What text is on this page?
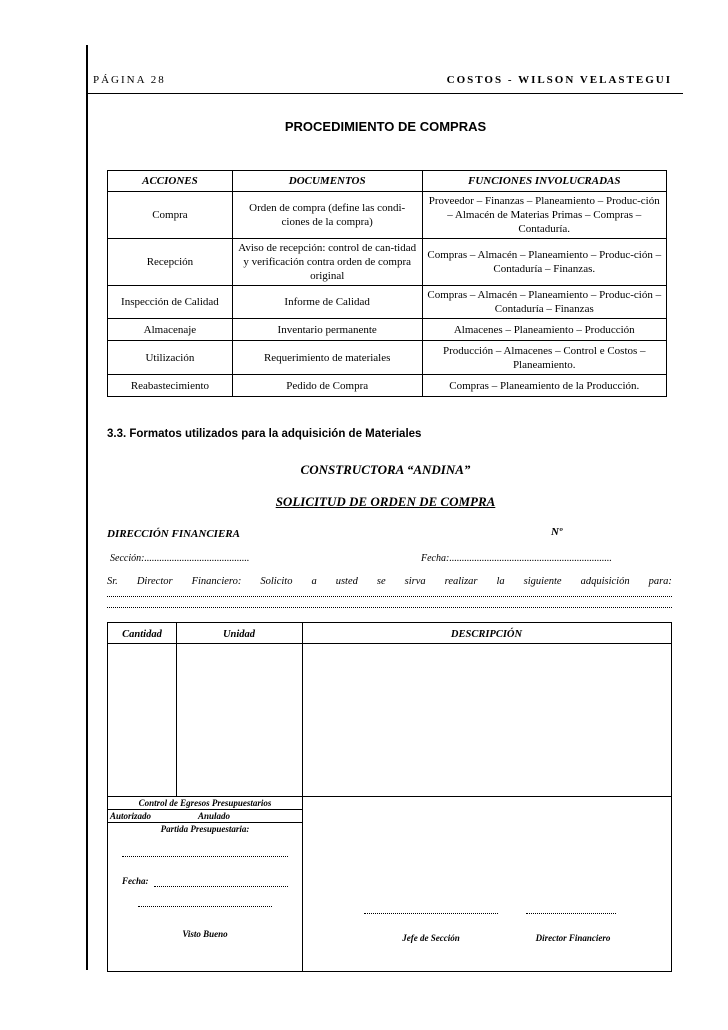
PÁGINA 28	COSTOS - WILSON VELASTEGUI
PROCEDIMIENTO DE COMPRAS
ACCIONES	DOCUMENTOS	FUNCIONES INVOLUCRADAS
Compra	Orden de compra (define las condi-ciones de la compra)	Proveedor – Finanzas – Planeamiento – Produc-ción – Almacén de Materias Primas – Compras – Contaduría.
Recepción	Aviso de recepción: control de can-tidad y verificación contra orden de compra original	Compras – Almacén – Planeamiento – Produc-ción – Contaduría – Finanzas.
Inspección de Calidad	Informe de Calidad	Compras – Almacén – Planeamiento – Produc-ción – Contaduría – Finanzas
Almacenaje	Inventario permanente	Almacenes – Planeamiento – Producción
Utilización	Requerimiento de materiales	Producción – Almacenes – Control e Costos – Planeamiento.
Reabastecimiento	Pedido de Compra	Compras – Planeamiento de la Producción.
3.3. Formatos utilizados para la adquisición de Materiales
CONSTRUCTORA “ANDINA”
SOLICITUD DE ORDEN DE COMPRA
DIRECCIÓN FINANCIERA	Nº
Sección:..........................................	Fecha:.................................................................
Sr. Director Financiero: Solicito a usted se sirva realizar la siguiente adquisición para:
Cantidad	Unidad	DESCRIPCIÓN
Control de Egresos Presupuestarios
Autorizado	Anulado
Partida Presupuestaria:
Fecha:
Visto Bueno	Jefe de Sección	Director Financiero
